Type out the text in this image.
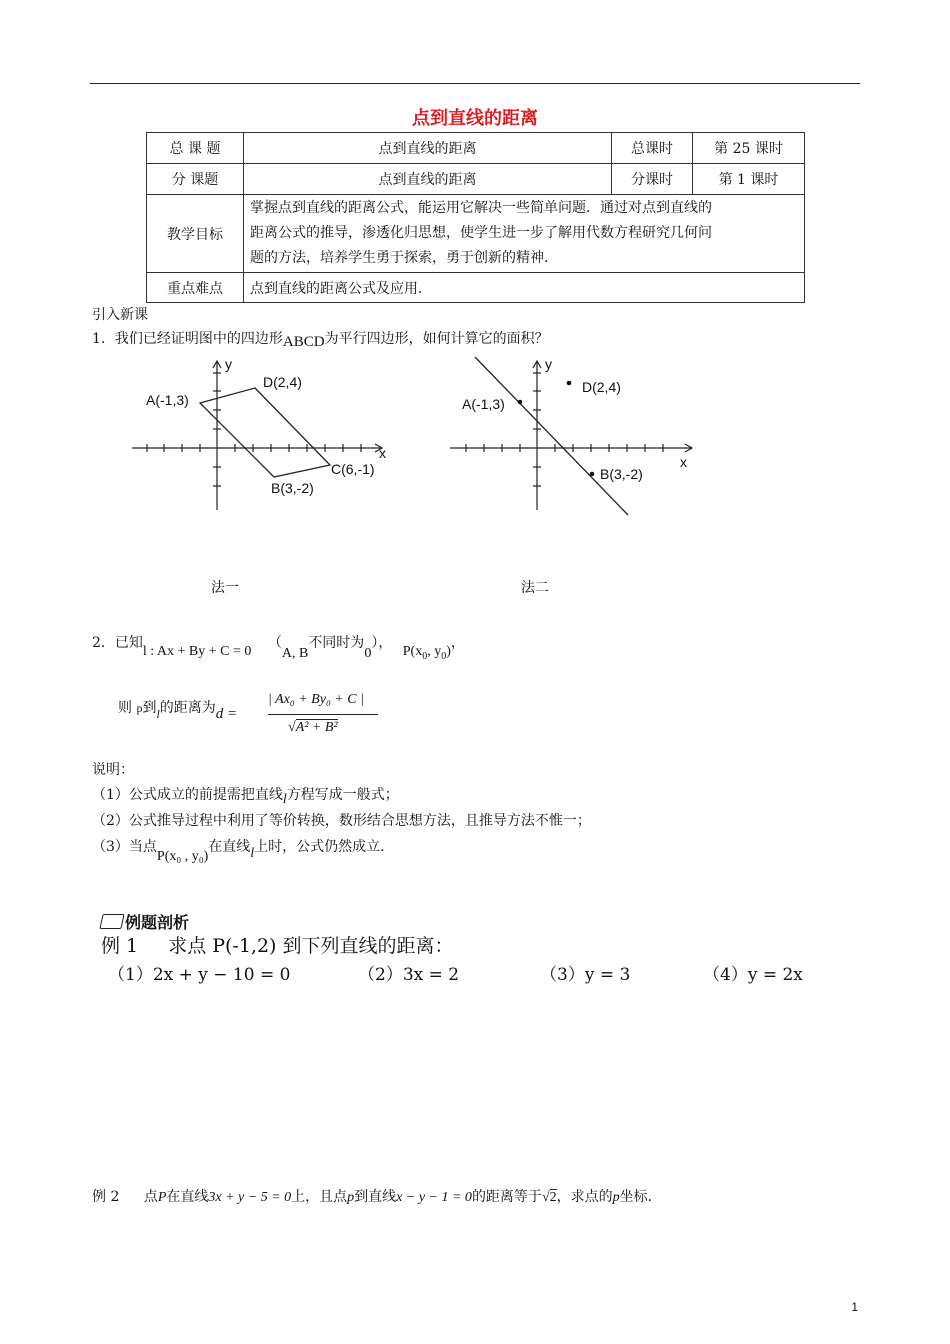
点到直线的距离
总 课 题	点到直线的距离	总课时	第 25 课时
分 课题	点到直线的距离	分课时	第 1 课时
教学目标	掌握点到直线的距离公式，能运用它解决一些简单问题．通过对点到直线的
距离公式的推导，渗透化归思想，使学生进一步了解用代数方程研究几何问
题的方法，培养学生勇于探索，勇于创新的精神．		

重点难点	点到直线的距离公式及应用．		
引入新课
1．我们已经证明图中的四边形ABCD为平行四边形，如何计算它的面积？
y
x
A(-1,3)
D(2,4)
C(6,-1)
B(3,-2)
y
x
A(-1,3)
D(2,4)
B(3,-2)
法一	法二
2．已知l : Ax + By + C = 0 （A, B不同时为0）， $P(x_0$, $y_0$)，
则 p到l的距离为d =
| Ax₀ + By₀ + C |
√A² + B²
说明：
（1）公式成立的前提需把直线l方程写成一般式；
（2）公式推导过程中利用了等价转换，数形结合思想方法，且推导方法不惟一；
（3）当点P(x₀ , y₀)在直线l上时，公式仍然成立．
例题剖析
例 1 求点 P(-1,2) 到下列直线的距离：
（1）2x + y − 10 = 0	（2）3x = 2	（3）y = 3	（4）y = 2x
例 2 点P在直线3x + y − 5 = 0上，且点p到直线x − y − 1 = 0的距离等于√2，求点的p坐标．
1
